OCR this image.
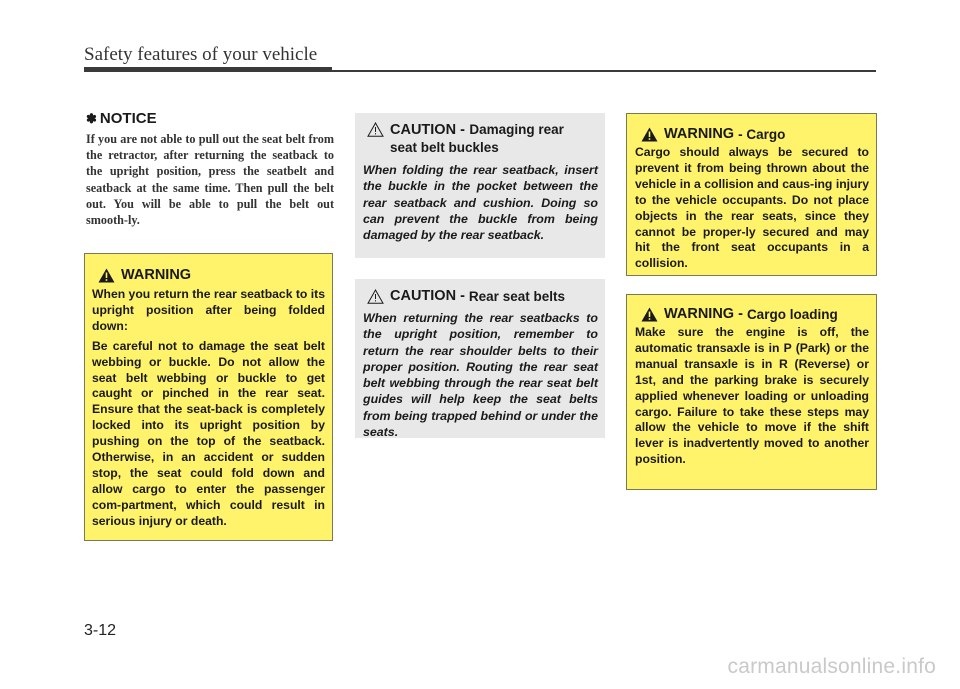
Safety features of your vehicle
✽ NOTICE
If you are not able to pull out the seat belt from the retractor, after returning the seatback to the upright position, press the seatbelt and seatback at the same time. Then pull the belt out. You will be able to pull the belt out smooth-ly.
WARNING

When you return the rear seatback to its upright position after being folded down:

Be careful not to damage the seat belt webbing or buckle. Do not allow the seat belt webbing or buckle to get caught or pinched in the rear seat. Ensure that the seat-back is completely locked into its upright position by pushing on the top of the seatback. Otherwise, in an accident or sudden stop, the seat could fold down and allow cargo to enter the passenger com-partment, which could result in serious injury or death.

CAUTION - Damaging rear
seat belt buckles
When folding the rear seatback, insert the buckle in the pocket between the rear seatback and cushion. Doing so can prevent the buckle from being damaged by the rear seatback.
CAUTION - Rear seat belts
When returning the rear seatbacks to the upright position, remember to return the rear shoulder belts to their proper position. Routing the rear seat belt webbing through the rear seat belt guides will help keep the seat belts from being trapped behind or under the seats.
WARNING - Cargo
Cargo should always be secured to prevent it from being thrown about the vehicle in a collision and caus-ing injury to the vehicle occupants. Do not place objects in the rear seats, since they cannot be proper-ly secured and may hit the front seat occupants in a collision.
WARNING - Cargo loading
Make sure the engine is off, the automatic transaxle is in P (Park) or the manual transaxle is in R (Reverse) or 1st, and the parking brake is securely applied whenever loading or unloading cargo. Failure to take these steps may allow the vehicle to move if the shift lever is inadvertently moved to another position.
3-12
carmanualsonline.info
